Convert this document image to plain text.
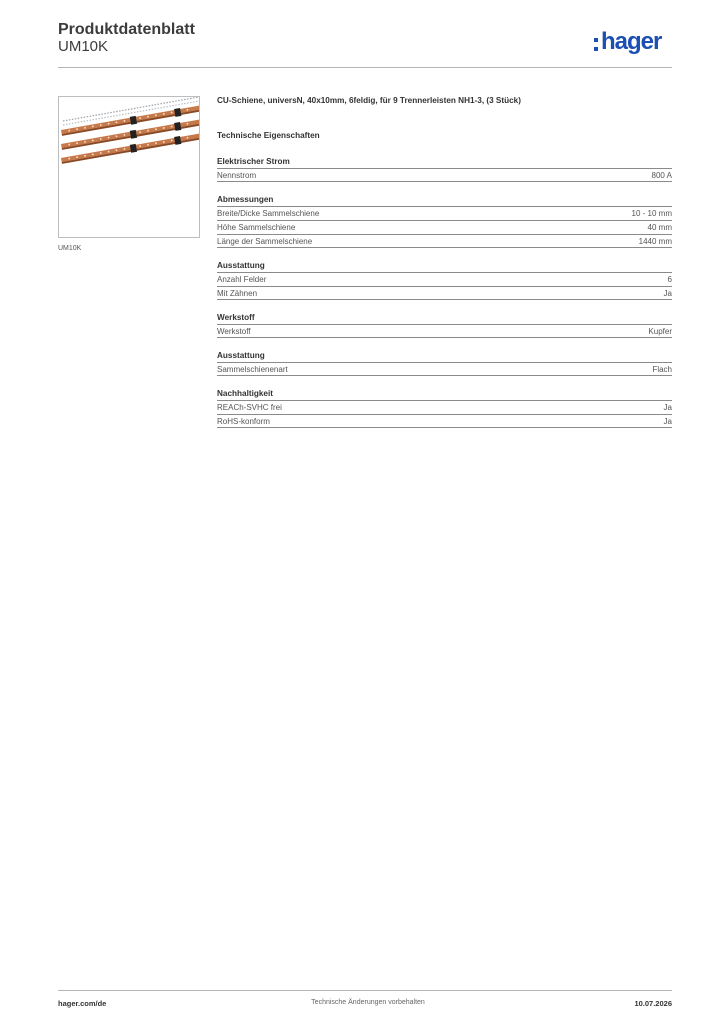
Produktdatenblatt
UM10K	hager
UM10K
CU-Schiene, universN, 40x10mm, 6feldig, für 9 Trennerleisten NH1-3, (3 Stück)
Technische Eigenschaften
Elektrischer Strom
Nennstrom	800 A
Abmessungen
Breite/Dicke Sammelschiene	10 - 10 mm
Höhe Sammelschiene	40 mm
Länge der Sammelschiene	1440 mm
Ausstattung
Anzahl Felder	6
Mit Zähnen	Ja
Werkstoff
Werkstoff	Kupfer
Ausstattung
Sammelschienenart	Flach
Nachhaltigkeit
REACh-SVHC frei	Ja
RoHS-konform	Ja
hager.com/de	Technische Änderungen vorbehalten	10.07.2026
